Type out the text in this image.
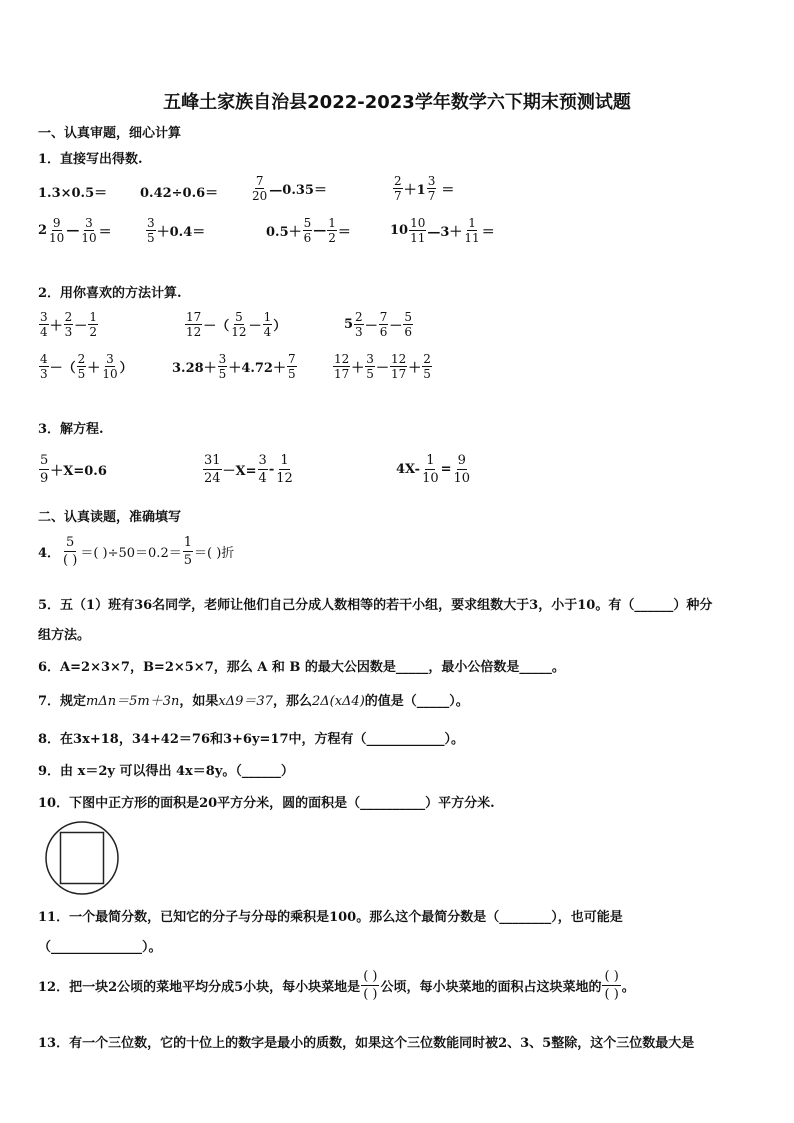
五峰土家族自治县2022-2023学年数学六下期末预测试题
一、认真审题，细心计算
1．直接写出得数.
1.3×0.5＝	0.42÷0.6＝	$\frac{7}{20}$ —0.35＝	$\frac{2}{7} +1 \frac{3}{7}$ ＝
$2 \frac{9}{10}$ — $\frac{3}{10}$ ＝	$\frac{3}{5} +0.4=$	$0.5+ \frac{5}{6}$ — $\frac{1}{2}$ ＝	$10 \frac{10}{11}$ —3＋ $\frac{1}{11}$ ＝
2．用你喜欢的方法计算.
$\frac{3}{4} + \frac{2}{3} - \frac{1}{2}$	$\frac{17}{12}$ －（ $\frac{5}{12} - \frac{1}{4}$ ）	$5 \frac{2}{3} - \frac{7}{6} - \frac{5}{6}$
$\frac{4}{3}$ －（ $\frac{2}{5} + \frac{3}{10}$ ）	$3.28+ \frac{3}{5} +4.72+ \frac{7}{5}$	$\frac{12}{17} + \frac{3}{5} - \frac{12}{17} + \frac{2}{5}$
3．解方程.
$\frac{5}{9} +X=0.6$	$\frac{31}{24} -X= \frac{3}{4} - \frac{1}{12}$	$4X- \frac{1}{10} = \frac{9}{10}$
二、认真读题，准确填写
4． $\frac{5}{( )}$ ＝( )$\div 50=0.2= \frac{1}{5}$ ＝( )折
5．五（1）班有36名同学，老师让他们自己分成人数相等的若干小组，要求组数大于3，小于10。有（______）种分
组方法。
6．A=2×3×7，B=2×5×7，那么 A 和 B 的最大公因数是_____，最小公倍数是_____。
7．规定mΔn＝5m＋3n，如果xΔ9＝37，那么2Δ(xΔ4)的值是（_____）。
8．在3x+18，34+42＝76和3+6y=17中，方程有（____________）。
9．由 x＝2y 可以得出 4x＝8y。（______）
10．下图中正方形的面积是20平方分米，圆的面积是（__________）平方分米.
11．一个最简分数，已知它的分子与分母的乘积是100。那么这个最简分数是（________），也可能是
（______________）。
12．把一块2公顷的菜地平均分成5小块，每小块菜地是 $\frac{( )}{( )}$ 公顷，每小块菜地的面积占这块菜地的 $\frac{( )}{( )}$ 。
13．有一个三位数，它的十位上的数字是最小的质数，如果这个三位数能同时被2、3、5整除，这个三位数最大是
